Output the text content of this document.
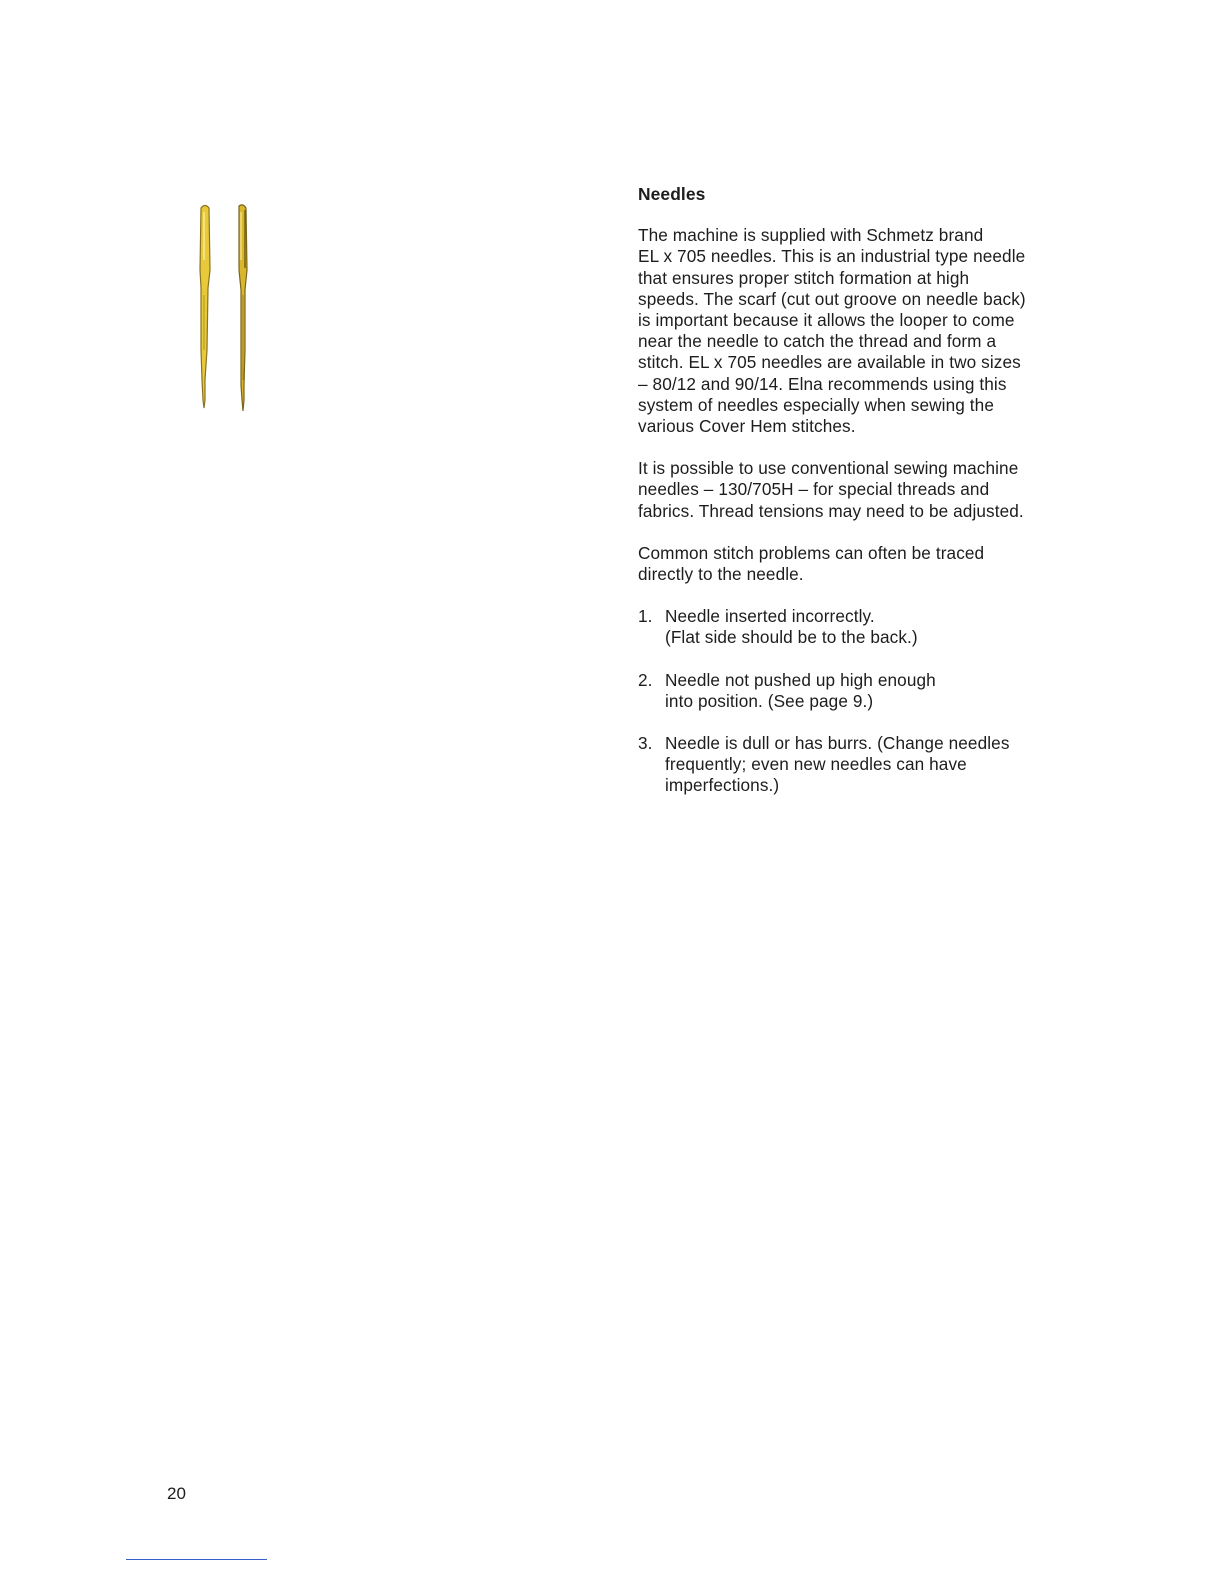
Needles

The machine is supplied with Schmetz brand
EL x 705 needles. This is an industrial type needle
that ensures proper stitch formation at high
speeds. The scarf (cut out groove on needle back)
is important because it allows the looper to come
near the needle to catch the thread and form a
stitch. EL x 705 needles are available in two sizes
– 80/12 and 90/14. Elna recommends using this
system of needles especially when sewing the
various Cover Hem stitches.

It is possible to use conventional sewing machine
needles – 130/705H – for special threads and
fabrics. Thread tensions may need to be adjusted.

Common stitch problems can often be traced
directly to the needle.

1. Needle inserted incorrectly.
(Flat side should be to the back.)
2. Needle not pushed up high enough
into position. (See page 9.)
3. Needle is dull or has burrs. (Change needles
frequently; even new needles can have
imperfections.)
20
